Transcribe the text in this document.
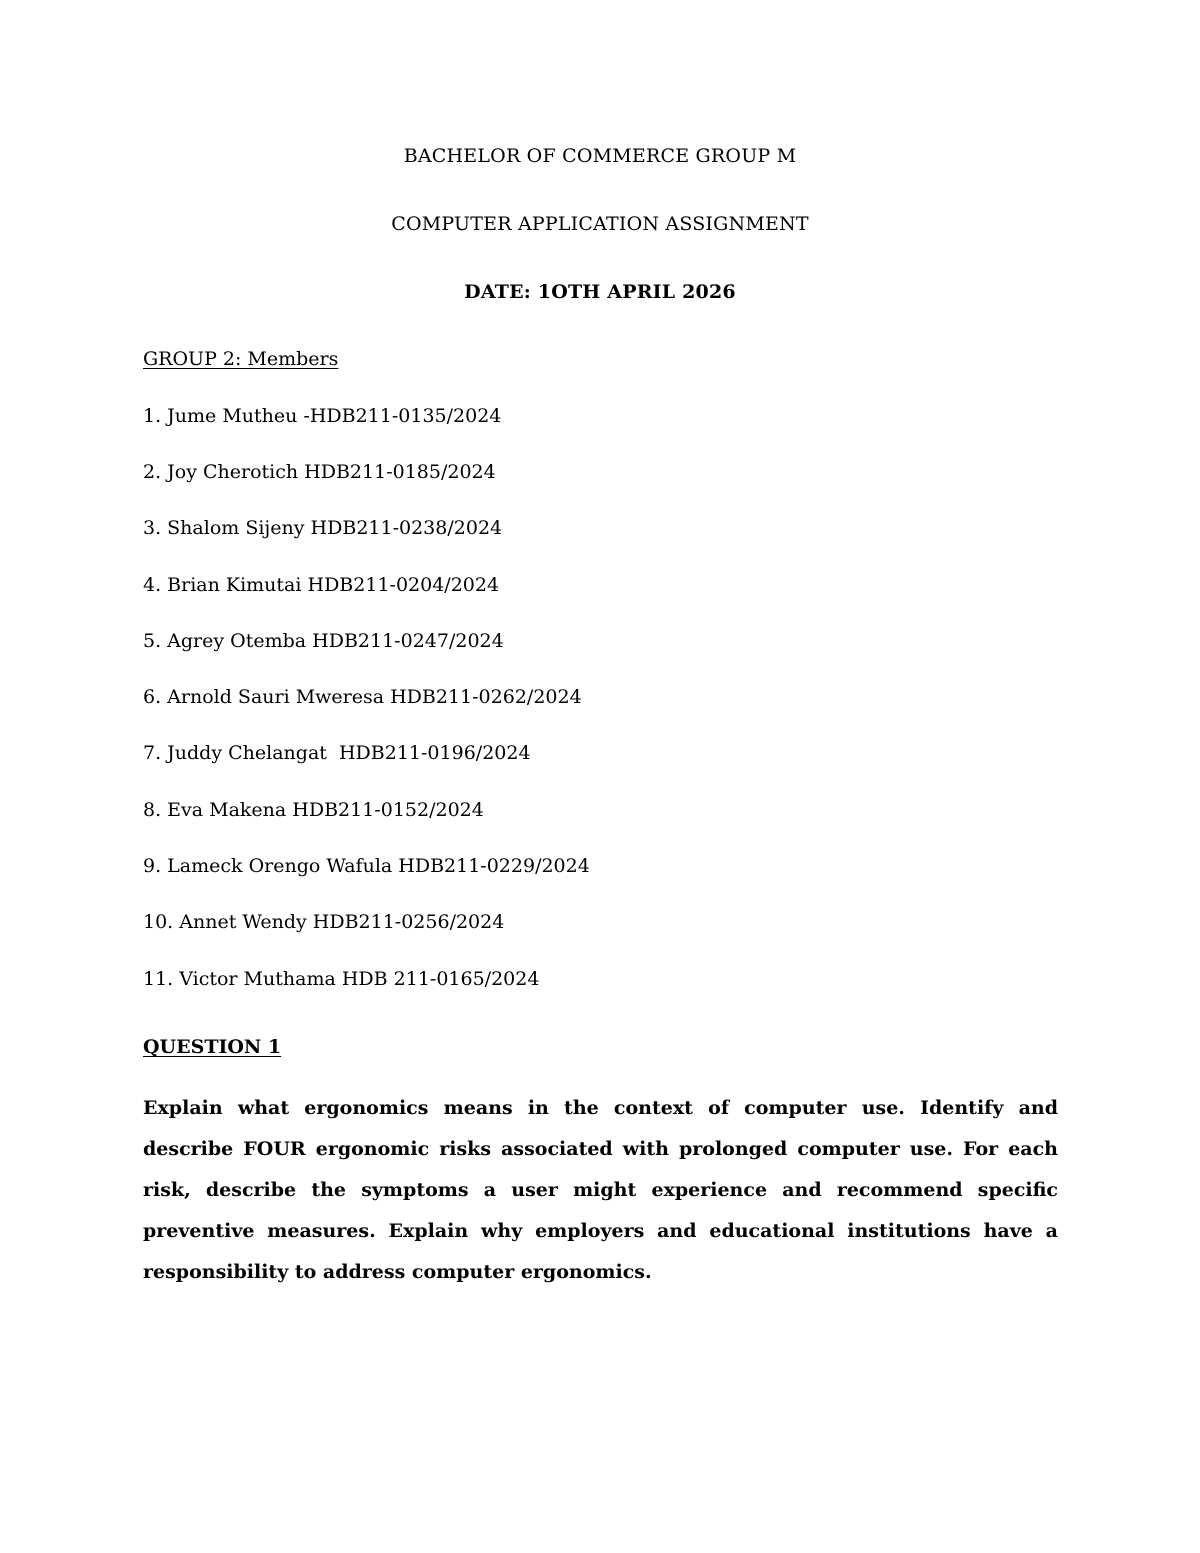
BACHELOR OF COMMERCE GROUP M
COMPUTER APPLICATION ASSIGNMENT
DATE: 1OTH APRIL 2026
GROUP 2: Members
1. Jume Mutheu -HDB211-0135/2024
2. Joy Cherotich HDB211-0185/2024
3. Shalom Sijeny HDB211-0238/2024
4. Brian Kimutai HDB211-0204/2024
5. Agrey Otemba HDB211-0247/2024
6. Arnold Sauri Mweresa HDB211-0262/2024
7. Juddy Chelangat  HDB211-0196/2024
8. Eva Makena HDB211-0152/2024
9. Lameck Orengo Wafula HDB211-0229/2024
10. Annet Wendy HDB211-0256/2024
11. Victor Muthama HDB 211-0165/2024
QUESTION 1
Explain what ergonomics means in the context of computer use. Identify and describe FOUR ergonomic risks associated with prolonged computer use. For each risk, describe the symptoms a user might experience and recommend specific preventive measures. Explain why employers and educational institutions have a responsibility to address computer ergonomics.
